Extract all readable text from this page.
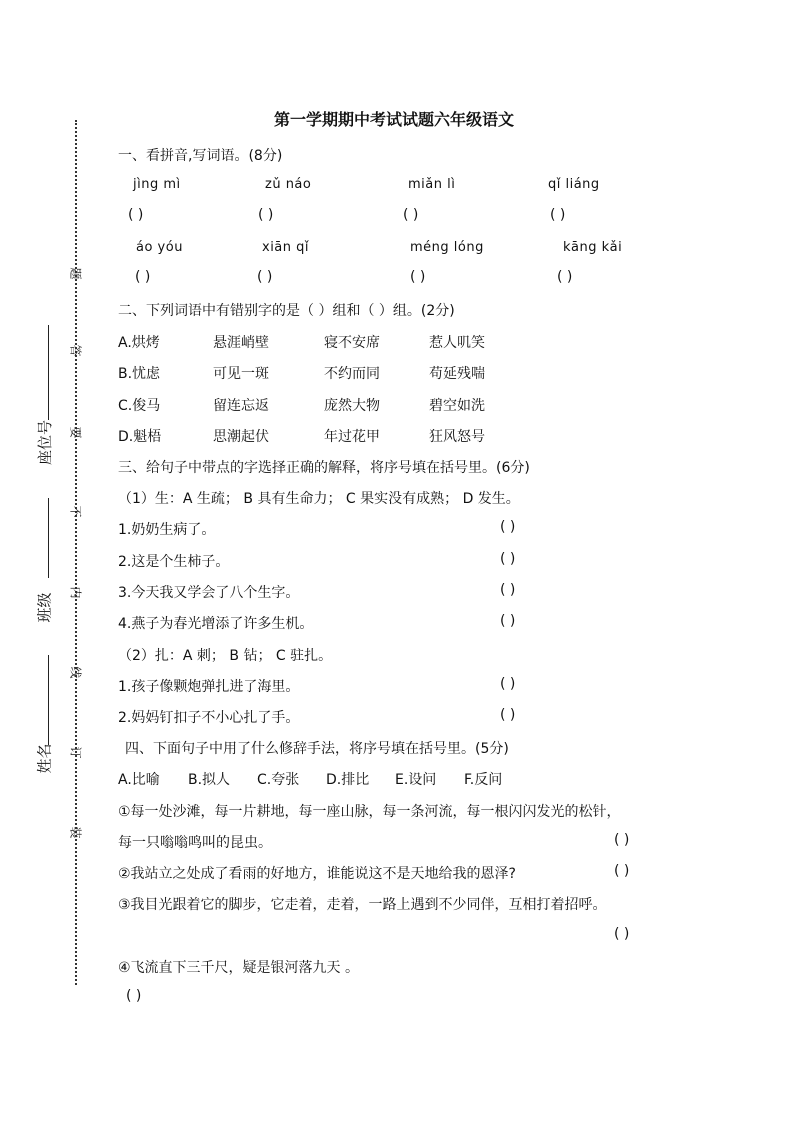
题
答
要
不
内
线
订
装
座位号
班级
姓名
第一学期期中考试试题六年级语文
一、看拼音,写词语。(8分)
jìng mì	zǔ náo	miǎn lì	qǐ liáng
( )	( )	( )	( )
áo yóu	xiān qǐ	méng lóng	kāng kǎi
( )	( )	( )	( )
二、下列词语中有错别字的是（ ）组和（ ）组。(2分)
A.烘烤	悬涯峭壁	寝不安席	惹人叽笑
B.忧虑	可见一斑	不约而同	苟延残喘
C.俊马	留连忘返	庞然大物	碧空如洗
D.魁梧	思潮起伏	年过花甲	狂风怒号
三、给句子中带点的字选择正确的解释，将序号填在括号里。(6分)
（1）生：A 生疏； B 具有生命力； C 果实没有成熟； D 发生。
1.奶奶生病了。	( )
2.这是个生柿子。	( )
3.今天我又学会了八个生字。	( )
4.燕子为春光增添了许多生机。	( )
（2）扎：A 刺； B 钻； C 驻扎。
1.孩子像颗炮弹扎进了海里。	( )
2.妈妈钉扣子不小心扎了手。	( )
四、下面句子中用了什么修辞手法，将序号填在括号里。(5分)
A.比喻 B.拟人 C.夸张 D.排比 E.设问 F.反问
①每一处沙滩，每一片耕地，每一座山脉，每一条河流，每一根闪闪发光的松针，
每一只嗡嗡鸣叫的昆虫。	( )
②我站立之处成了看雨的好地方，谁能说这不是天地给我的恩泽?	( )
③我目光跟着它的脚步，它走着，走着，一路上遇到不少同伴，互相打着招呼。
( )
④飞流直下三千尺，疑是银河落九天 。
( )
